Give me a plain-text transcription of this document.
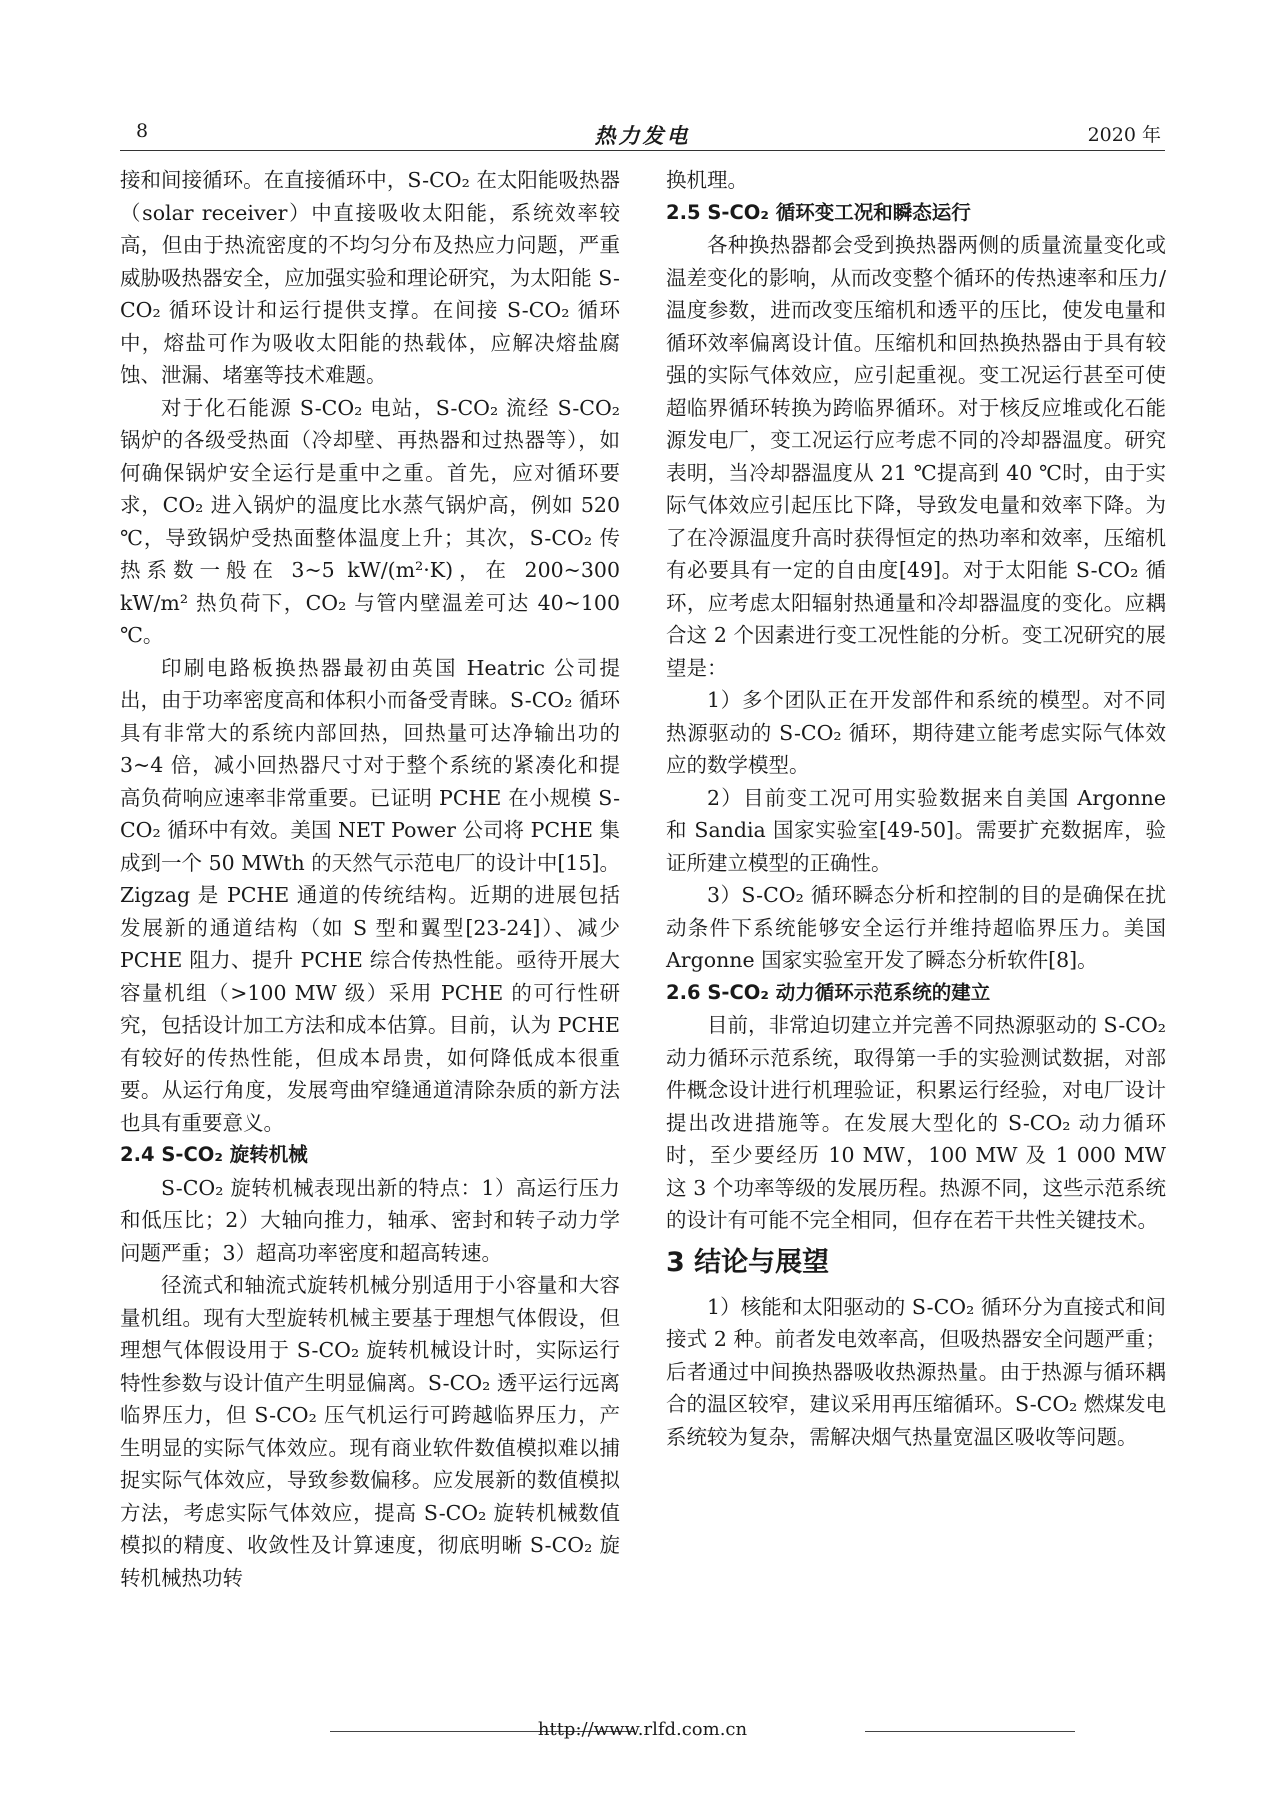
8	热力发电	2020 年

接和间接循环。在直接循环中，S-CO₂ 在太阳能吸热器（solar receiver）中直接吸收太阳能，系统效率较高，但由于热流密度的不均匀分布及热应力问题，严重威胁吸热器安全，应加强实验和理论研究，为太阳能 S-CO₂ 循环设计和运行提供支撑。在间接 S-CO₂ 循环中，熔盐可作为吸收太阳能的热载体，应解决熔盐腐蚀、泄漏、堵塞等技术难题。

对于化石能源 S-CO₂ 电站，S-CO₂ 流经 S-CO₂ 锅炉的各级受热面（冷却壁、再热器和过热器等），如何确保锅炉安全运行是重中之重。首先，应对循环要求，CO₂ 进入锅炉的温度比水蒸气锅炉高，例如 520 ℃，导致锅炉受热面整体温度上升；其次，S-CO₂ 传热系数一般在 3~5 kW/(m²·K)，在 200~300 kW/m² 热负荷下，CO₂ 与管内壁温差可达 40~100 ℃。

印刷电路板换热器最初由英国 Heatric 公司提出，由于功率密度高和体积小而备受青睐。S-CO₂ 循环具有非常大的系统内部回热，回热量可达净输出功的 3~4 倍，减小回热器尺寸对于整个系统的紧凑化和提高负荷响应速率非常重要。已证明 PCHE 在小规模 S-CO₂ 循环中有效。美国 NET Power 公司将 PCHE 集成到一个 50 MWth 的天然气示范电厂的设计中[15]。Zigzag 是 PCHE 通道的传统结构。近期的进展包括发展新的通道结构（如 S 型和翼型[23-24]）、减少 PCHE 阻力、提升 PCHE 综合传热性能。亟待开展大容量机组（>100 MW 级）采用 PCHE 的可行性研究，包括设计加工方法和成本估算。目前，认为 PCHE 有较好的传热性能，但成本昂贵，如何降低成本很重要。从运行角度，发展弯曲窄缝通道清除杂质的新方法也具有重要意义。

2.4 S-CO₂ 旋转机械

S-CO₂ 旋转机械表现出新的特点：1）高运行压力和低压比；2）大轴向推力，轴承、密封和转子动力学问题严重；3）超高功率密度和超高转速。

径流式和轴流式旋转机械分别适用于小容量和大容量机组。现有大型旋转机械主要基于理想气体假设，但理想气体假设用于 S-CO₂ 旋转机械设计时，实际运行特性参数与设计值产生明显偏离。S-CO₂ 透平运行远离临界压力，但 S-CO₂ 压气机运行可跨越临界压力，产生明显的实际气体效应。现有商业软件数值模拟难以捕捉实际气体效应，导致参数偏移。应发展新的数值模拟方法，考虑实际气体效应，提高 S-CO₂ 旋转机械数值模拟的精度、收敛性及计算速度，彻底明晰 S-CO₂ 旋转机械热功转

换机理。

2.5 S-CO₂ 循环变工况和瞬态运行

各种换热器都会受到换热器两侧的质量流量变化或温差变化的影响，从而改变整个循环的传热速率和压力/温度参数，进而改变压缩机和透平的压比，使发电量和循环效率偏离设计值。压缩机和回热换热器由于具有较强的实际气体效应，应引起重视。变工况运行甚至可使超临界循环转换为跨临界循环。对于核反应堆或化石能源发电厂，变工况运行应考虑不同的冷却器温度。研究表明，当冷却器温度从 21 ℃提高到 40 ℃时，由于实际气体效应引起压比下降，导致发电量和效率下降。为了在冷源温度升高时获得恒定的热功率和效率，压缩机有必要具有一定的自由度[49]。对于太阳能 S-CO₂ 循环，应考虑太阳辐射热通量和冷却器温度的变化。应耦合这 2 个因素进行变工况性能的分析。变工况研究的展望是：

1）多个团队正在开发部件和系统的模型。对不同热源驱动的 S-CO₂ 循环，期待建立能考虑实际气体效应的数学模型。

2）目前变工况可用实验数据来自美国 Argonne 和 Sandia 国家实验室[49-50]。需要扩充数据库，验证所建立模型的正确性。

3）S-CO₂ 循环瞬态分析和控制的目的是确保在扰动条件下系统能够安全运行并维持超临界压力。美国 Argonne 国家实验室开发了瞬态分析软件[8]。

2.6 S-CO₂ 动力循环示范系统的建立

目前，非常迫切建立并完善不同热源驱动的 S-CO₂ 动力循环示范系统，取得第一手的实验测试数据，对部件概念设计进行机理验证，积累运行经验，对电厂设计提出改进措施等。在发展大型化的 S-CO₂ 动力循环时，至少要经历 10 MW，100 MW 及 1 000 MW 这 3 个功率等级的发展历程。热源不同，这些示范系统的设计有可能不完全相同，但存在若干共性关键技术。

3 结论与展望

1）核能和太阳驱动的 S-CO₂ 循环分为直接式和间接式 2 种。前者发电效率高，但吸热器安全问题严重；后者通过中间换热器吸收热源热量。由于热源与循环耦合的温区较窄，建议采用再压缩循环。S-CO₂ 燃煤发电系统较为复杂，需解决烟气热量宽温区吸收等问题。

http://www.rlfd.com.cn
